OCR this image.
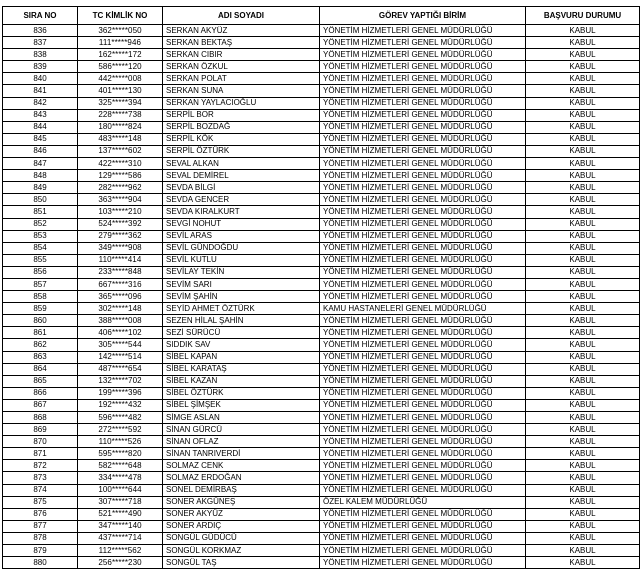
SIRA NO	TC KİMLİK NO	ADI SOYADI	GÖREV YAPTIĞI BİRİM	BAŞVURU DURUMU
836	362*****050	SERKAN AKYÜZ	YÖNETİM HİZMETLERİ GENEL MÜDÜRLÜĞÜ	KABUL
837	111*****946	SERKAN BEKTAŞ	YÖNETİM HİZMETLERİ GENEL MÜDÜRLÜĞÜ	KABUL
838	162*****172	SERKAN CIBIR	YÖNETİM HİZMETLERİ GENEL MÜDÜRLÜĞÜ	KABUL
839	586*****120	SERKAN ÖZKUL	YÖNETİM HİZMETLERİ GENEL MÜDÜRLÜĞÜ	KABUL
840	442*****008	SERKAN POLAT	YÖNETİM HİZMETLERİ GENEL MÜDÜRLÜĞÜ	KABUL
841	401*****130	SERKAN SUNA	YÖNETİM HİZMETLERİ GENEL MÜDÜRLÜĞÜ	KABUL
842	325*****394	SERKAN YAYLACIOĞLU	YÖNETİM HİZMETLERİ GENEL MÜDÜRLÜĞÜ	KABUL
843	228*****738	SERPİL BOR	YÖNETİM HİZMETLERİ GENEL MÜDÜRLÜĞÜ	KABUL
844	180*****824	SERPİL BOZDAĞ	YÖNETİM HİZMETLERİ GENEL MÜDÜRLÜĞÜ	KABUL
845	483*****148	SERPİL KÖK	YÖNETİM HİZMETLERİ GENEL MÜDÜRLÜĞÜ	KABUL
846	137*****602	SERPİL ÖZTÜRK	YÖNETİM HİZMETLERİ GENEL MÜDÜRLÜĞÜ	KABUL
847	422*****310	SEVAL ALKAN	YÖNETİM HİZMETLERİ GENEL MÜDÜRLÜĞÜ	KABUL
848	129*****586	SEVAL DEMİREL	YÖNETİM HİZMETLERİ GENEL MÜDÜRLÜĞÜ	KABUL
849	282*****962	SEVDA BİLGİ	YÖNETİM HİZMETLERİ GENEL MÜDÜRLÜĞÜ	KABUL
850	363*****904	SEVDA GENCER	YÖNETİM HİZMETLERİ GENEL MÜDÜRLÜĞÜ	KABUL
851	103*****210	SEVDA KIRALKURT	YÖNETİM HİZMETLERİ GENEL MÜDÜRLÜĞÜ	KABUL
852	524*****392	SEVGİ NOHUT	YÖNETİM HİZMETLERİ GENEL MÜDÜRLÜĞÜ	KABUL
853	279*****362	SEVİL ARAS	YÖNETİM HİZMETLERİ GENEL MÜDÜRLÜĞÜ	KABUL
854	349*****908	SEVİL GÜNDOĞDU	YÖNETİM HİZMETLERİ GENEL MÜDÜRLÜĞÜ	KABUL
855	110*****414	SEVİL KUTLU	YÖNETİM HİZMETLERİ GENEL MÜDÜRLÜĞÜ	KABUL
856	233*****848	SEVİLAY TEKİN	YÖNETİM HİZMETLERİ GENEL MÜDÜRLÜĞÜ	KABUL
857	667*****316	SEVİM SARI	YÖNETİM HİZMETLERİ GENEL MÜDÜRLÜĞÜ	KABUL
858	365*****096	SEVİM ŞAHİN	YÖNETİM HİZMETLERİ GENEL MÜDÜRLÜĞÜ	KABUL
859	302*****148	SEYİD AHMET ÖZTÜRK	KAMU HASTANELERİ GENEL MÜDÜRLÜĞÜ	KABUL
860	388*****008	SEZEN HİLAL ŞAHİN	YÖNETİM HİZMETLERİ GENEL MÜDÜRLÜĞÜ	KABUL
861	406*****102	SEZİ SÜRÜCÜ	YÖNETİM HİZMETLERİ GENEL MÜDÜRLÜĞÜ	KABUL
862	305*****544	SIDDIK SAV	YÖNETİM HİZMETLERİ GENEL MÜDÜRLÜĞÜ	KABUL
863	142*****514	SİBEL KAPAN	YÖNETİM HİZMETLERİ GENEL MÜDÜRLÜĞÜ	KABUL
864	487*****654	SİBEL KARATAŞ	YÖNETİM HİZMETLERİ GENEL MÜDÜRLÜĞÜ	KABUL
865	132*****702	SİBEL KAZAN	YÖNETİM HİZMETLERİ GENEL MÜDÜRLÜĞÜ	KABUL
866	199*****396	SİBEL ÖZTÜRK	YÖNETİM HİZMETLERİ GENEL MÜDÜRLÜĞÜ	KABUL
867	192*****432	SİBEL ŞİMŞEK	YÖNETİM HİZMETLERİ GENEL MÜDÜRLÜĞÜ	KABUL
868	596*****482	SİMGE ASLAN	YÖNETİM HİZMETLERİ GENEL MÜDÜRLÜĞÜ	KABUL
869	272*****592	SİNAN GÜRCÜ	YÖNETİM HİZMETLERİ GENEL MÜDÜRLÜĞÜ	KABUL
870	110*****526	SİNAN OFLAZ	YÖNETİM HİZMETLERİ GENEL MÜDÜRLÜĞÜ	KABUL
871	595*****820	SİNAN TANRIVERDİ	YÖNETİM HİZMETLERİ GENEL MÜDÜRLÜĞÜ	KABUL
872	582*****648	SOLMAZ CENK	YÖNETİM HİZMETLERİ GENEL MÜDÜRLÜĞÜ	KABUL
873	334*****478	SOLMAZ ERDOĞAN	YÖNETİM HİZMETLERİ GENEL MÜDÜRLÜĞÜ	KABUL
874	100*****644	SONEL DEMİRBAŞ	YÖNETİM HİZMETLERİ GENEL MÜDÜRLÜĞÜ	KABUL
875	307*****718	SONER AKGÜNEŞ	ÖZEL KALEM MÜDÜRLÜĞÜ	KABUL
876	521*****490	SONER AKYÜZ	YÖNETİM HİZMETLERİ GENEL MÜDÜRLÜĞÜ	KABUL
877	347*****140	SONER ARDIÇ	YÖNETİM HİZMETLERİ GENEL MÜDÜRLÜĞÜ	KABUL
878	437*****714	SONGÜL GÜDÜCÜ	YÖNETİM HİZMETLERİ GENEL MÜDÜRLÜĞÜ	KABUL
879	112*****562	SONGÜL KORKMAZ	YÖNETİM HİZMETLERİ GENEL MÜDÜRLÜĞÜ	KABUL
880	256*****230	SONGÜL TAŞ	YÖNETİM HİZMETLERİ GENEL MÜDÜRLÜĞÜ	KABUL
